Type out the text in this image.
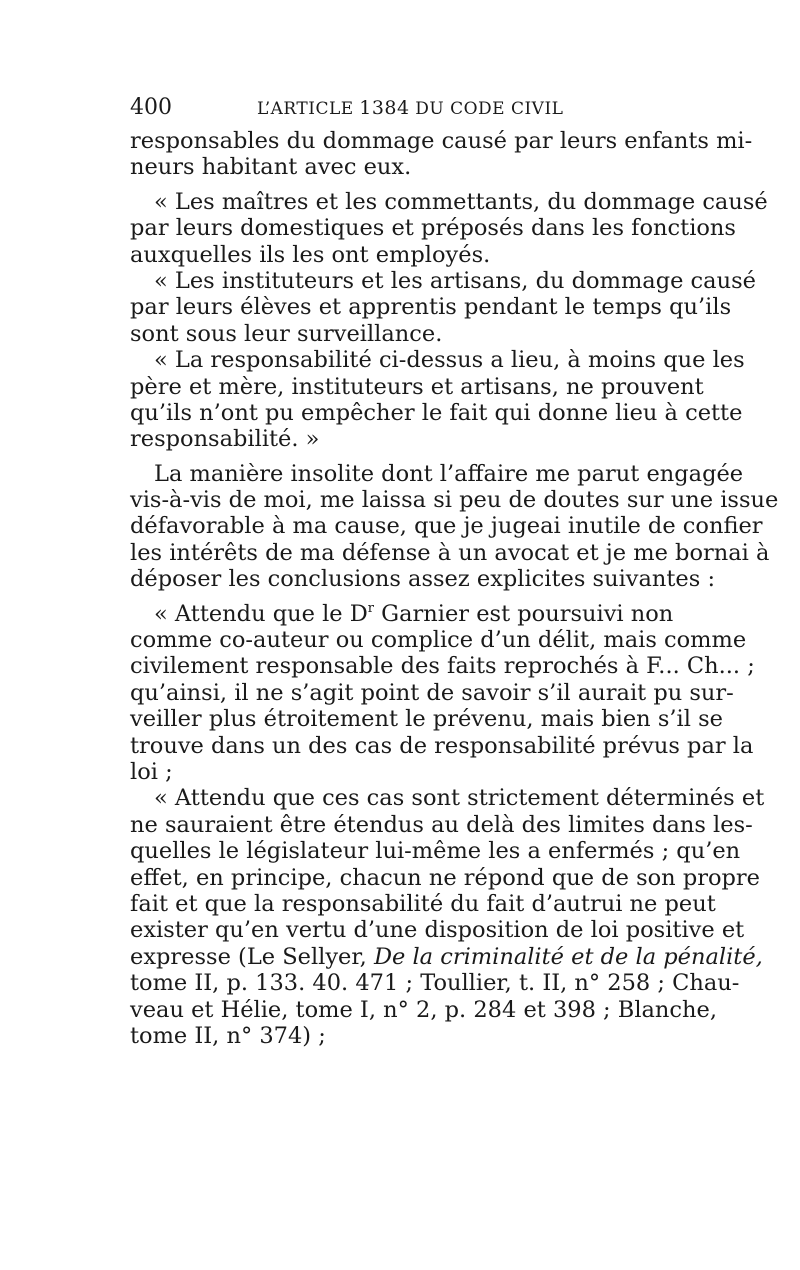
400	L’ARTICLE 1384 DU CODE CIVIL
responsables du dommage causé par leurs enfants mi-
neurs habitant avec eux.
« Les maîtres et les commettants, du dommage causé
par leurs domestiques et préposés dans les fonctions
auxquelles ils les ont employés.
« Les instituteurs et les artisans, du dommage causé
par leurs élèves et apprentis pendant le temps qu’ils
sont sous leur surveillance.
« La responsabilité ci-dessus a lieu, à moins que les
père et mère, instituteurs et artisans, ne prouvent
qu’ils n’ont pu empêcher le fait qui donne lieu à cette
responsabilité. »
La manière insolite dont l’affaire me parut engagée
vis-à-vis de moi, me laissa si peu de doutes sur une issue
défavorable à ma cause, que je jugeai inutile de confier
les intérêts de ma défense à un avocat et je me bornai à
déposer les conclusions assez explicites suivantes :
« Attendu que le $D^r$ Garnier est poursuivi non
comme co-auteur ou complice d’un délit, mais comme
civilement responsable des faits reprochés à F... Ch... ;
qu’ainsi, il ne s’agit point de savoir s’il aurait pu sur-
veiller plus étroitement le prévenu, mais bien s’il se
trouve dans un des cas de responsabilité prévus par la
loi ;
« Attendu que ces cas sont strictement déterminés et
ne sauraient être étendus au delà des limites dans les-
quelles le législateur lui-même les a enfermés ; qu’en
effet, en principe, chacun ne répond que de son propre
fait et que la responsabilité du fait d’autrui ne peut
exister qu’en vertu d’une disposition de loi positive et
expresse (Le Sellyer, De la criminalité et de la pénalité,
tome II, p. 133. 40. 471 ; Toullier, t. II, n° 258 ; Chau-
veau et Hélie, tome I, n° 2, p. 284 et 398 ; Blanche,
tome II, n° 374) ;
